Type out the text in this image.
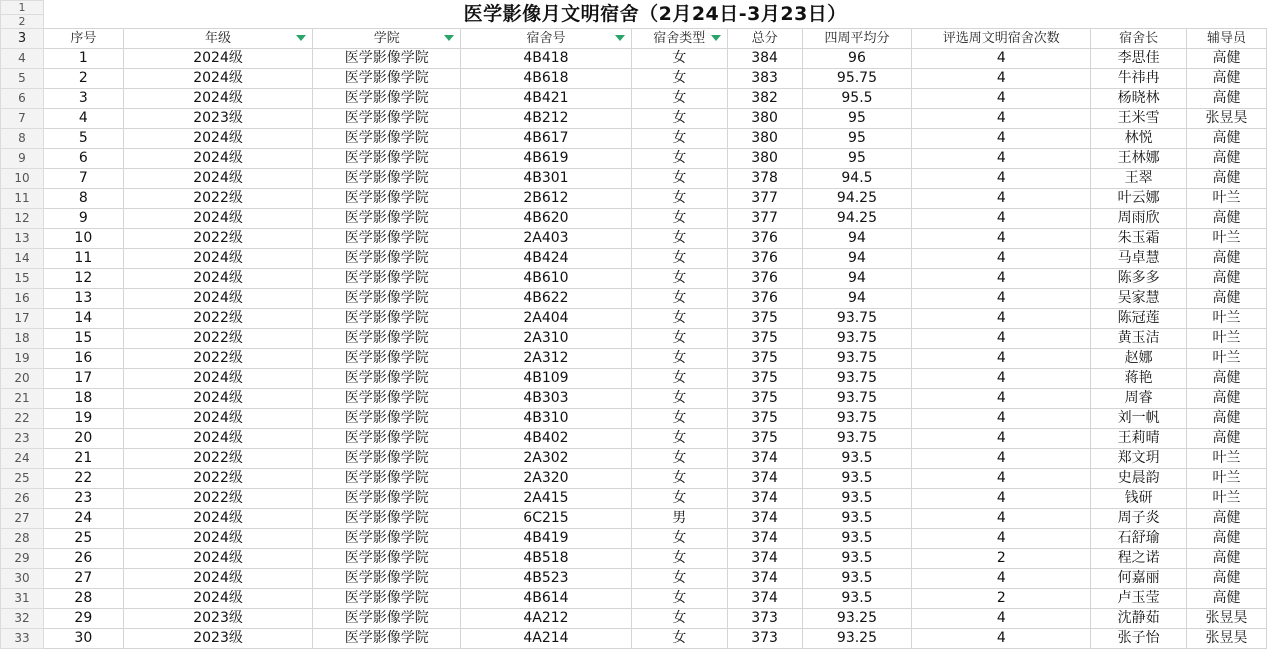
1	医学影像月文明宿舍（2月24日-3月23日）									
2										
3	序号	年级	学院	宿舍号	宿舍类型	总分	四周平均分	评选周文明宿舍次数	宿舍长	辅导员
4	1	2024级	医学影像学院	4B418	女	384	96	4	李思佳	高健
5	2	2024级	医学影像学院	4B618	女	383	95.75	4	牛祎冉	高健
6	3	2024级	医学影像学院	4B421	女	382	95.5	4	杨晓林	高健
7	4	2023级	医学影像学院	4B212	女	380	95	4	王米雪	张昱昊
8	5	2024级	医学影像学院	4B617	女	380	95	4	林悦	高健
9	6	2024级	医学影像学院	4B619	女	380	95	4	王林娜	高健
10	7	2024级	医学影像学院	4B301	女	378	94.5	4	王翠	高健
11	8	2022级	医学影像学院	2B612	女	377	94.25	4	叶云娜	叶兰
12	9	2024级	医学影像学院	4B620	女	377	94.25	4	周雨欣	高健
13	10	2022级	医学影像学院	2A403	女	376	94	4	朱玉霜	叶兰
14	11	2024级	医学影像学院	4B424	女	376	94	4	马卓慧	高健
15	12	2024级	医学影像学院	4B610	女	376	94	4	陈多多	高健
16	13	2024级	医学影像学院	4B622	女	376	94	4	吴家慧	高健
17	14	2022级	医学影像学院	2A404	女	375	93.75	4	陈冠莲	叶兰
18	15	2022级	医学影像学院	2A310	女	375	93.75	4	黄玉洁	叶兰
19	16	2022级	医学影像学院	2A312	女	375	93.75	4	赵娜	叶兰
20	17	2024级	医学影像学院	4B109	女	375	93.75	4	蒋艳	高健
21	18	2024级	医学影像学院	4B303	女	375	93.75	4	周睿	高健
22	19	2024级	医学影像学院	4B310	女	375	93.75	4	刘一帆	高健
23	20	2024级	医学影像学院	4B402	女	375	93.75	4	王莉晴	高健
24	21	2022级	医学影像学院	2A302	女	374	93.5	4	郑文玥	叶兰
25	22	2022级	医学影像学院	2A320	女	374	93.5	4	史晨韵	叶兰
26	23	2022级	医学影像学院	2A415	女	374	93.5	4	钱研	叶兰
27	24	2024级	医学影像学院	6C215	男	374	93.5	4	周子炎	高健
28	25	2024级	医学影像学院	4B419	女	374	93.5	4	石舒瑜	高健
29	26	2024级	医学影像学院	4B518	女	374	93.5	2	程之诺	高健
30	27	2024级	医学影像学院	4B523	女	374	93.5	4	何嘉丽	高健
31	28	2024级	医学影像学院	4B614	女	374	93.5	2	卢玉莹	高健
32	29	2023级	医学影像学院	4A212	女	373	93.25	4	沈静茹	张昱昊
33	30	2023级	医学影像学院	4A214	女	373	93.25	4	张子怡	张昱昊
